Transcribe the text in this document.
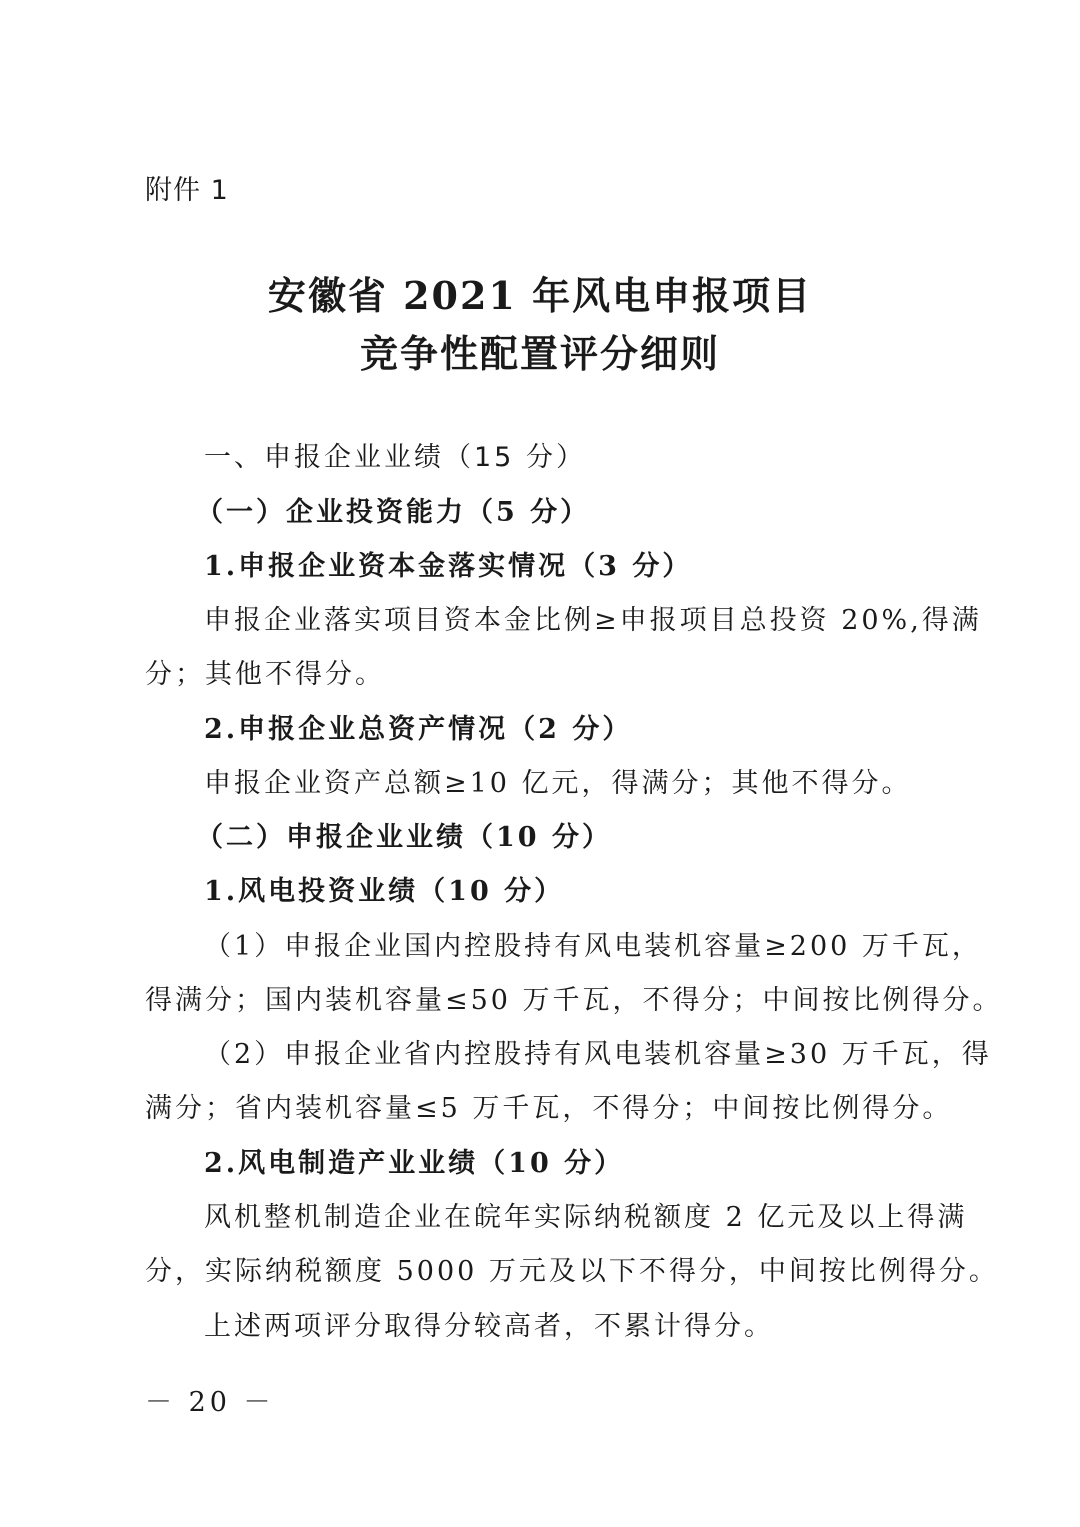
附件 1
安徽省 2021 年风电申报项目
竞争性配置评分细则
一、申报企业业绩（15 分）
（一）企业投资能力（5 分）
1.申报企业资本金落实情况（3 分）
申报企业落实项目资本金比例≥申报项目总投资 20%,得满
分；其他不得分。
2.申报企业总资产情况（2 分）
申报企业资产总额≥10 亿元，得满分；其他不得分。
（二）申报企业业绩（10 分）
1.风电投资业绩（10 分）
（1）申报企业国内控股持有风电装机容量≥200 万千瓦，
得满分；国内装机容量≤50 万千瓦，不得分；中间按比例得分。
（2）申报企业省内控股持有风电装机容量≥30 万千瓦，得
满分；省内装机容量≤5 万千瓦，不得分；中间按比例得分。
2.风电制造产业业绩（10 分）
风机整机制造企业在皖年实际纳税额度 2 亿元及以上得满
分，实际纳税额度 5000 万元及以下不得分，中间按比例得分。
上述两项评分取得分较高者，不累计得分。
－ 20 －
